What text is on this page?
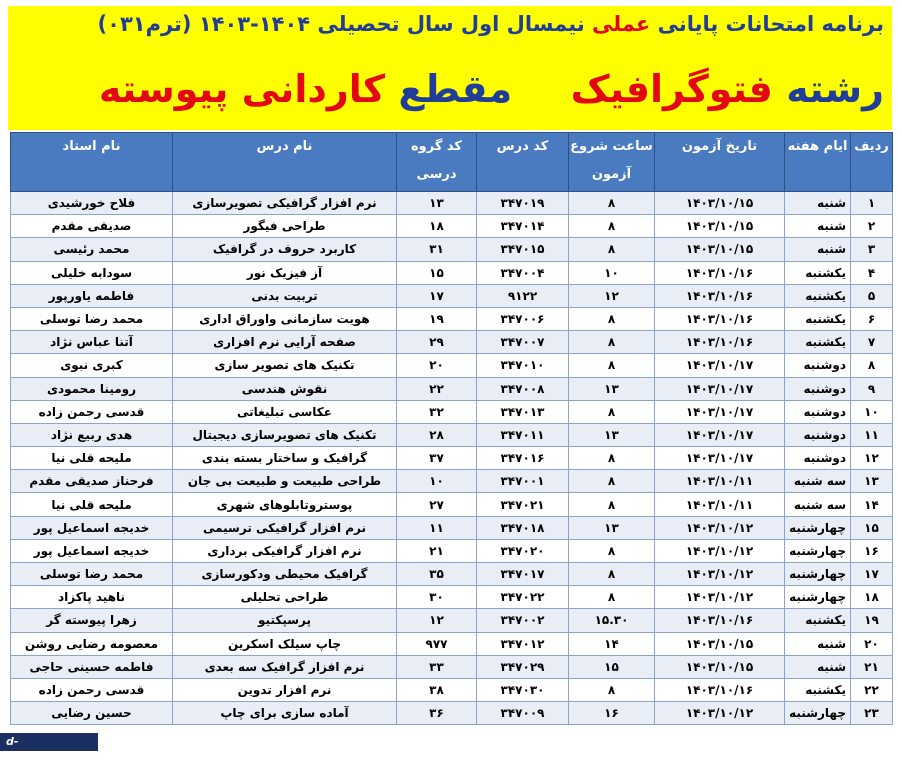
برنامه امتحانات پایانی عملی نیمسال اول سال تحصیلی ۱۴۰۴-۱۴۰۳ (ترم۰۳۱)
رشته فتوگرافیک  مقطع کاردانی پیوسته
ردیف	ایام هفته	تاریخ آزمون	ساعت شروع آزمون	کد درس	کد گروه درسی	نام درس	نام استاد
۱	شنبه	۱۴۰۳/۱۰/۱۵	۸	۳۴۷۰۱۹	۱۳	نرم افزار گرافیکی تصویرسازی	فلاح خورشیدی
۲	شنبه	۱۴۰۳/۱۰/۱۵	۸	۳۴۷۰۱۴	۱۸	طراحی فیگور	صدیقی مقدم
۳	شنبه	۱۴۰۳/۱۰/۱۵	۸	۳۴۷۰۱۵	۳۱	کاربرد حروف در گرافیک	محمد رئیسی
۴	یکشنبه	۱۴۰۳/۱۰/۱۶	۱۰	۳۴۷۰۰۴	۱۵	آز فیزیک نور	سودابه خلیلی
۵	یکشنبه	۱۴۰۳/۱۰/۱۶	۱۲	۹۱۲۲	۱۷	تربیت بدنی	فاطمه یاورپور
۶	یکشنبه	۱۴۰۳/۱۰/۱۶	۸	۳۴۷۰۰۶	۱۹	هویت سازمانی واوراق اداری	محمد رضا توسلی
۷	یکشنبه	۱۴۰۳/۱۰/۱۶	۸	۳۴۷۰۰۷	۲۹	صفحه آرایی نرم افزاری	آتنا عباس نژاد
۸	دوشنبه	۱۴۰۳/۱۰/۱۷	۸	۳۴۷۰۱۰	۲۰	تکنیک های تصویر سازی	کبری نبوی
۹	دوشنبه	۱۴۰۳/۱۰/۱۷	۱۳	۳۴۷۰۰۸	۲۲	نقوش هندسی	رومینا محمودی
۱۰	دوشنبه	۱۴۰۳/۱۰/۱۷	۸	۳۴۷۰۱۳	۳۲	عکاسی تبلیغاتی	قدسی رحمن زاده
۱۱	دوشنبه	۱۴۰۳/۱۰/۱۷	۱۳	۳۴۷۰۱۱	۲۸	تکنیک های تصویرسازی دیجیتال	هدی ربیع نژاد
۱۲	دوشنبه	۱۴۰۳/۱۰/۱۷	۸	۳۴۷۰۱۶	۳۷	گرافیک و ساختار بسته بندی	ملیحه قلی نیا
۱۳	سه شنبه	۱۴۰۳/۱۰/۱۱	۸	۳۴۷۰۰۱	۱۰	طراحی طبیعت و طبیعت بی جان	فرحناز صدیقی مقدم
۱۴	سه شنبه	۱۴۰۳/۱۰/۱۱	۸	۳۴۷۰۲۱	۲۷	پوستروتابلوهای شهری	ملیحه قلی نیا
۱۵	چهارشنبه	۱۴۰۳/۱۰/۱۲	۱۳	۳۴۷۰۱۸	۱۱	نرم افزار گرافیکی ترسیمی	خدیجه اسماعیل پور
۱۶	چهارشنبه	۱۴۰۳/۱۰/۱۲	۸	۳۴۷۰۲۰	۲۱	نرم افزار گرافیکی برداری	خدیجه اسماعیل پور
۱۷	چهارشنبه	۱۴۰۳/۱۰/۱۲	۸	۳۴۷۰۱۷	۳۵	گرافیک محیطی ودکورسازی	محمد رضا توسلی
۱۸	چهارشنبه	۱۴۰۳/۱۰/۱۲	۸	۳۴۷۰۲۲	۳۰	طراحی تحلیلی	ناهید پاکزاد
۱۹	یکشنبه	۱۴۰۳/۱۰/۱۶	۱۵.۳۰	۳۴۷۰۰۲	۱۲	پرسپکتیو	زهرا پیوسته گر
۲۰	شنبه	۱۴۰۳/۱۰/۱۵	۱۴	۳۴۷۰۱۲	۹۷۷	چاپ سیلک اسکرین	معصومه رضایی روشن
۲۱	شنبه	۱۴۰۳/۱۰/۱۵	۱۵	۳۴۷۰۲۹	۳۳	نرم افزار گرافیک سه بعدی	فاطمه حسینی حاجی
۲۲	یکشنبه	۱۴۰۳/۱۰/۱۶	۸	۳۴۷۰۳۰	۳۸	نرم افزار تدوین	قدسی رحمن زاده
۲۳	چهارشنبه	۱۴۰۳/۱۰/۱۲	۱۶	۳۴۷۰۰۹	۳۶	آماده سازی برای چاپ	حسین رضایی
d-babol.nus.ac.ir
